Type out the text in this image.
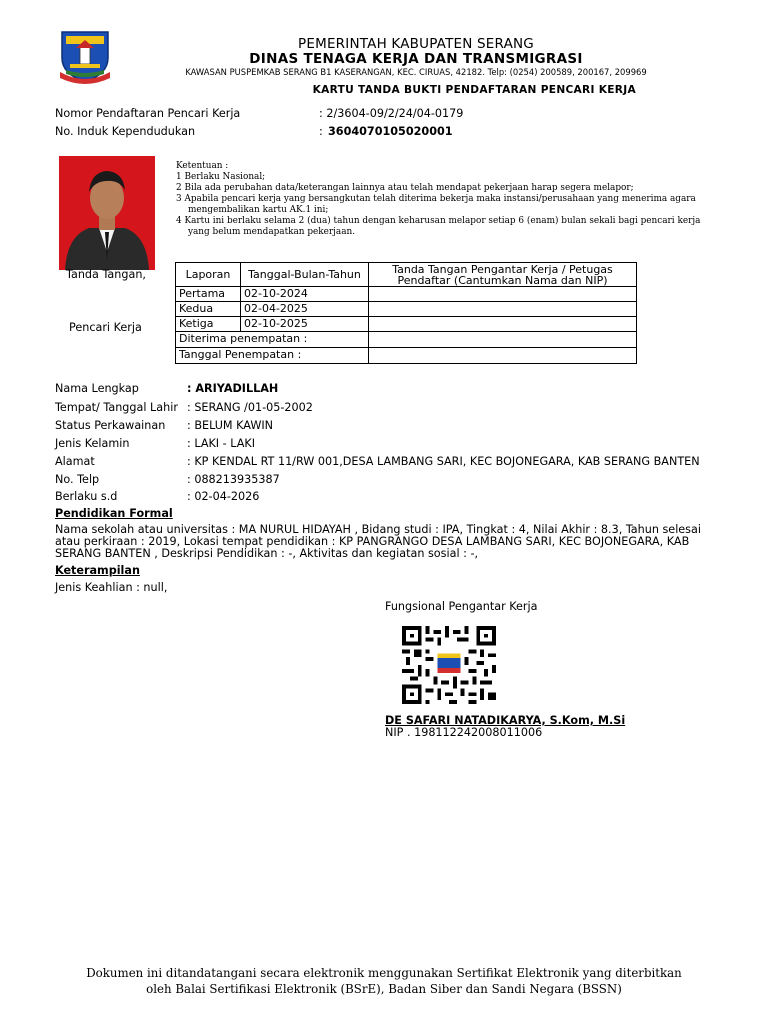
PEMERINTAH KABUPATEN SERANG
DINAS TENAGA KERJA DAN TRANSMIGRASI
KAWASAN PUSPEMKAB SERANG B1 KASERANGAN, KEC. CIRUAS, 42182. Telp: (0254) 200589, 200167, 209969
KARTU TANDA BUKTI PENDAFTARAN PENCARI KERJA
Nomor Pendaftaran Pencari Kerja	: 2/3604-09/2/24/04-0179
No. Induk Kependudukan	: 3604070105020001
Tanda Tangan,
Pencari Kerja
Ketentuan :
1 Berlaku Nasional;
2 Bila ada perubahan data/keterangan lainnya atau telah mendapat pekerjaan harap segera melapor;
3 Apabila pencari kerja yang bersangkutan telah diterima bekerja maka instansi/perusahaan yang menerima agara mengembalikan kartu AK.1 ini;
4 Kartu ini berlaku selama 2 (dua) tahun dengan keharusan melapor setiap 6 (enam) bulan sekali bagi pencari kerja yang belum mendapatkan pekerjaan.
Laporan	Tanggal-Bulan-Tahun	Tanda Tangan Pengantar Kerja / Petugas Pendaftar (Cantumkan Nama dan NIP)
Pertama	02-10-2024	
Kedua	02-04-2025	
Ketiga	02-10-2025	
Diterima penempatan :		
Tanggal Penempatan :		
Nama Lengkap	: ARIYADILLAH
Tempat/ Tanggal Lahir : SERANG /01-05-2002
Status Perkawainan : BELUM KAWIN
Jenis Kelamin	: LAKI - LAKI
Alamat	: KP KENDAL RT 11/RW 001,DESA LAMBANG SARI, KEC BOJONEGARA, KAB SERANG BANTEN
No. Telp	: 088213935387
Berlaku s.d	: 02-04-2026
Pendidikan Formal
Nama sekolah atau universitas : MA NURUL HIDAYAH , Bidang studi : IPA, Tingkat : 4, Nilai Akhir : 8.3, Tahun selesai atau perkiraan : 2019, Lokasi tempat pendidikan : KP PANGRANGO DESA LAMBANG SARI, KEC BOJONEGARA, KAB SERANG BANTEN , Deskripsi Pendidikan : -, Aktivitas dan kegiatan sosial : -,
Keterampilan
Jenis Keahlian : null,
Fungsional Pengantar Kerja
DE SAFARI NATADIKARYA, S.Kom, M.Si
NIP . 198112242008011006
Dokumen ini ditandatangani secara elektronik menggunakan Sertifikat Elektronik yang diterbitkan
oleh Balai Sertifikasi Elektronik (BSrE), Badan Siber dan Sandi Negara (BSSN)
